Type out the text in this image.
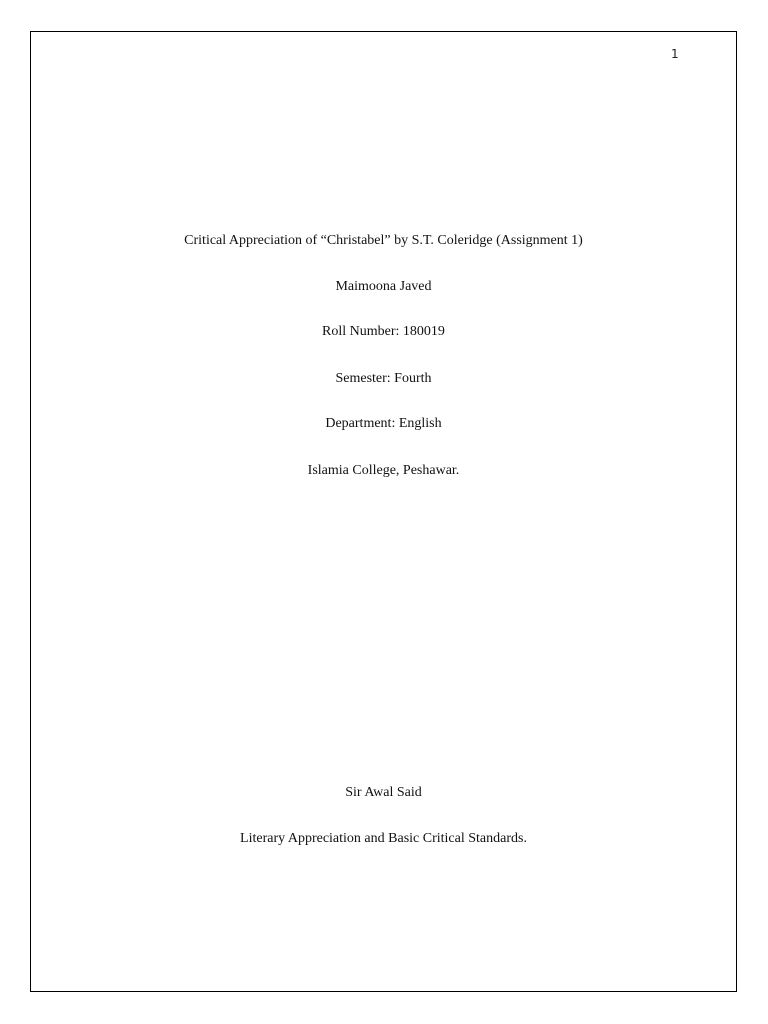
1
Critical Appreciation of “Christabel” by S.T. Coleridge (Assignment 1)
Maimoona Javed
Roll Number: 180019
Semester: Fourth
Department: English
Islamia College, Peshawar.
Sir Awal Said
Literary Appreciation and Basic Critical Standards.
